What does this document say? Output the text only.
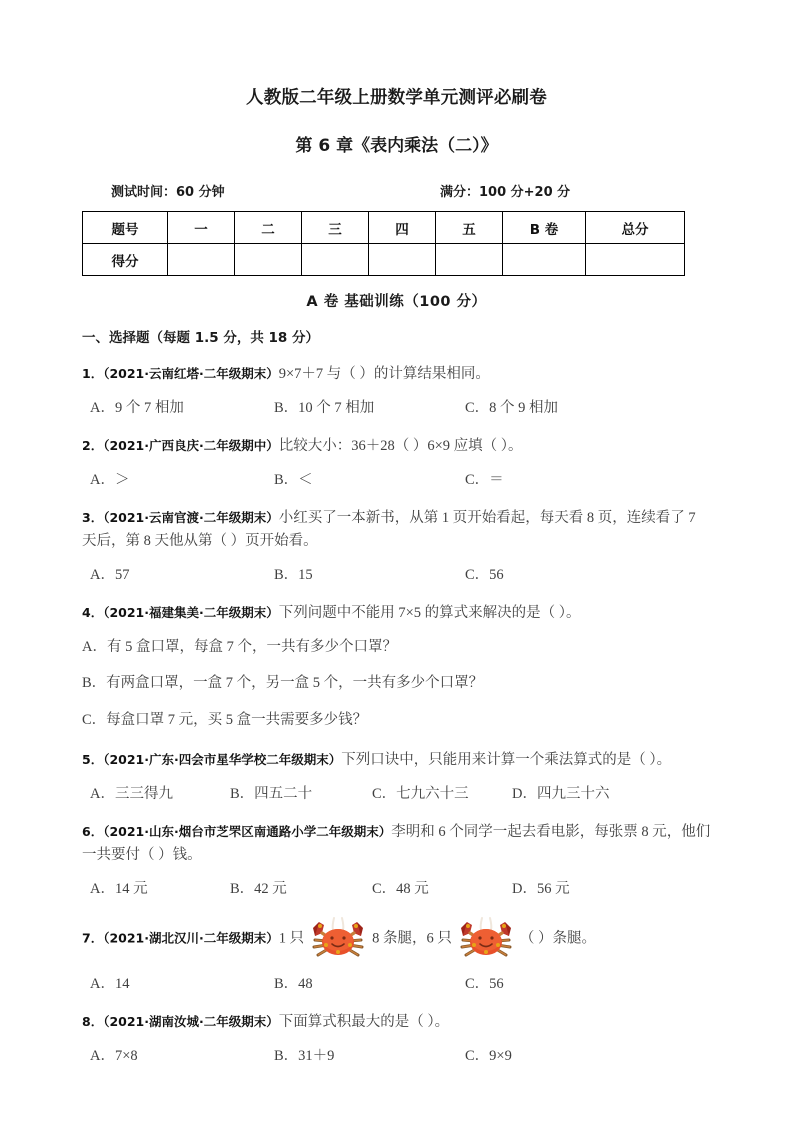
人教版二年级上册数学单元测评必刷卷
第 6 章《表内乘法（二）》
测试时间：60 分钟	满分：100 分+20 分
题号	一	二	三	四	五	B 卷	总分
得分							
A 卷 基础训练（100 分）
一、选择题（每题 1.5 分，共 18 分）
1．（2021·云南红塔·二年级期末）9×7＋7 与（ ）的计算结果相同。
A．9 个 7 相加	B．10 个 7 相加	C．8 个 9 相加
2．（2021·广西良庆·二年级期中）比较大小：36＋28（ ）6×9 应填（ ）。
A．＞	B．＜	C．＝
3．（2021·云南官渡·二年级期末）小红买了一本新书，从第 1 页开始看起，每天看 8 页，连续看了 7 天后，第 8 天他从第（ ）页开始看。
A．57	B．15	C．56
4．（2021·福建集美·二年级期末）下列问题中不能用 7×5 的算式来解决的是（ ）。
A．有 5 盒口罩，每盒 7 个，一共有多少个口罩？
B．有两盒口罩，一盒 7 个，另一盒 5 个，一共有多少个口罩？
C．每盒口罩 7 元，买 5 盒一共需要多少钱？
5．（2021·广东·四会市星华学校二年级期末）下列口诀中，只能用来计算一个乘法算式的是（ ）。
A．三三得九	B．四五二十	C．七九六十三	D．四九三十六
6．（2021·山东·烟台市芝罘区南通路小学二年级期末）李明和 6 个同学一起去看电影，每张票 8 元，他们一共要付（ ）钱。
A．14 元	B．42 元	C．48 元	D．56 元
7．（2021·湖北汉川·二年级期末）1 只	8 条腿，6 只	（ ）条腿。
A．14	B．48	C．56
8．（2021·湖南汝城·二年级期末）下面算式积最大的是（ ）。
A．7×8	B．31＋9	C．9×9
